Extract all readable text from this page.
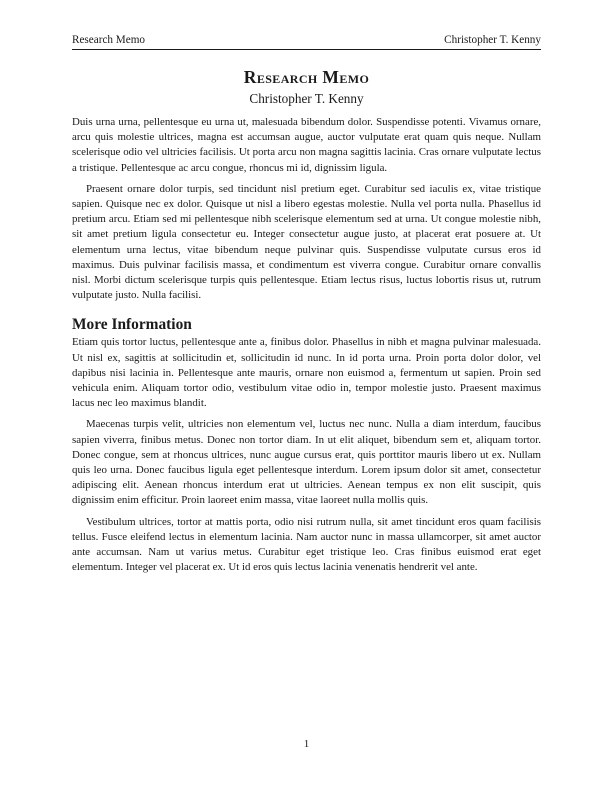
Research Memo	Christopher T. Kenny
Research Memo
Christopher T. Kenny

Duis urna urna, pellentesque eu urna ut, malesuada bibendum dolor. Suspendisse potenti. Vivamus ornare, arcu quis molestie ultrices, magna est accumsan augue, auctor vulputate erat quam quis neque. Nullam scelerisque odio vel ultricies facilisis. Ut porta arcu non magna sagittis lacinia. Cras ornare vulputate lectus a tristique. Pellentesque ac arcu congue, rhoncus mi id, dignissim ligula.

Praesent ornare dolor turpis, sed tincidunt nisl pretium eget. Curabitur sed iaculis ex, vitae tristique sapien. Quisque nec ex dolor. Quisque ut nisl a libero egestas molestie. Nulla vel porta nulla. Phasellus id pretium arcu. Etiam sed mi pellentesque nibh scelerisque elementum sed at urna. Ut congue molestie nibh, sit amet pretium ligula consectetur eu. Integer consectetur augue justo, at placerat erat posuere at. Ut elementum urna lectus, vitae bibendum neque pulvinar quis. Suspendisse vulputate cursus eros id maximus. Duis pulvinar facilisis massa, et condimentum est viverra congue. Curabitur ornare convallis nisl. Morbi dictum scelerisque turpis quis pellentesque. Etiam lectus risus, luctus lobortis risus ut, rutrum vulputate justo. Nulla facilisi.

More Information

Etiam quis tortor luctus, pellentesque ante a, finibus dolor. Phasellus in nibh et magna pulvinar malesuada. Ut nisl ex, sagittis at sollicitudin et, sollicitudin id nunc. In id porta urna. Proin porta dolor dolor, vel dapibus nisi lacinia in. Pellentesque ante mauris, ornare non euismod a, fermentum ut sapien. Proin sed vehicula enim. Aliquam tortor odio, vestibulum vitae odio in, tempor molestie justo. Praesent maximus lacus nec leo maximus blandit.

Maecenas turpis velit, ultricies non elementum vel, luctus nec nunc. Nulla a diam interdum, faucibus sapien viverra, finibus metus. Donec non tortor diam. In ut elit aliquet, bibendum sem et, aliquam tortor. Donec congue, sem at rhoncus ultrices, nunc augue cursus erat, quis porttitor mauris libero ut ex. Nullam quis leo urna. Donec faucibus ligula eget pellentesque interdum. Lorem ipsum dolor sit amet, consectetur adipiscing elit. Aenean rhoncus interdum erat ut ultricies. Aenean tempus ex non elit suscipit, quis dignissim enim efficitur. Proin laoreet enim massa, vitae laoreet nulla mollis quis.

Vestibulum ultrices, tortor at mattis porta, odio nisi rutrum nulla, sit amet tincidunt eros quam facilisis tellus. Fusce eleifend lectus in elementum lacinia. Nam auctor nunc in massa ullamcorper, sit amet auctor ante accumsan. Nam ut varius metus. Curabitur eget tristique leo. Cras finibus euismod erat eget elementum. Integer vel placerat ex. Ut id eros quis lectus lacinia venenatis hendrerit vel ante.

1
